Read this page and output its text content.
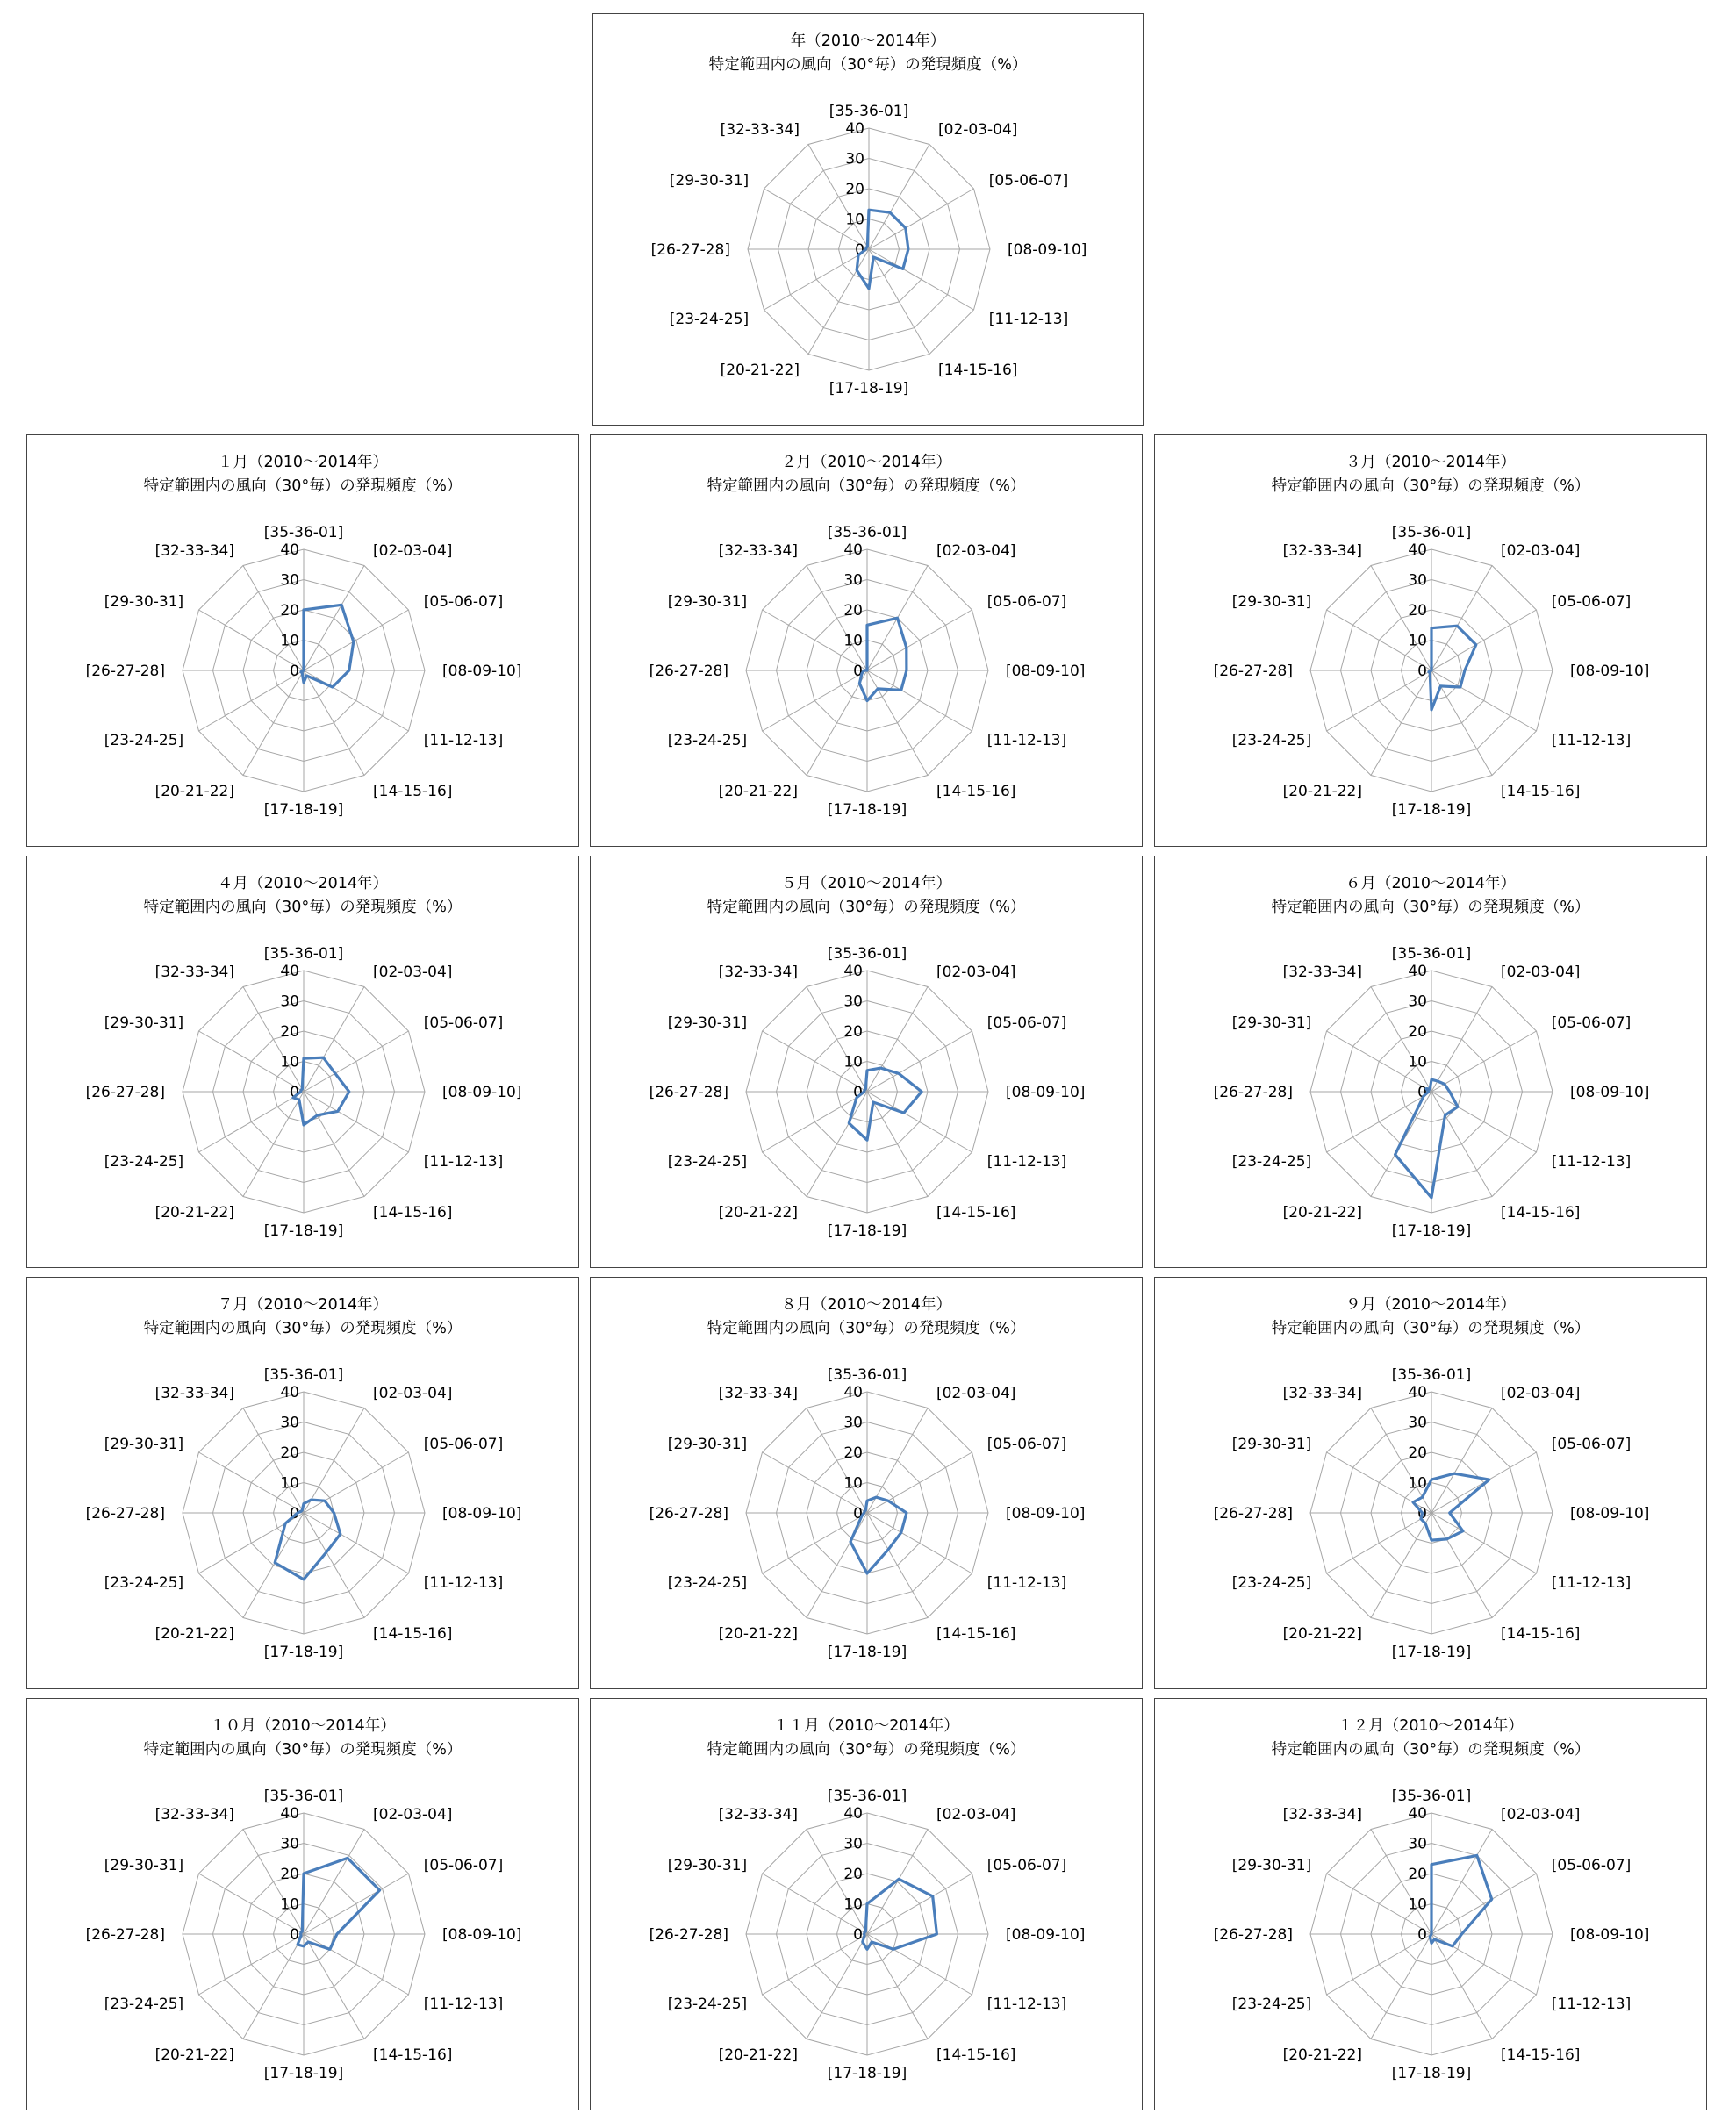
年（2010～2014年）
特定範囲内の風向（30°毎）の発現頻度（%）
0
10
20
30
40
[35-36-01]
[02-03-04]
[05-06-07]
[08-09-10]
[11-12-13]
[14-15-16]
[17-18-19]
[20-21-22]
[23-24-25]
[26-27-28]
[29-30-31]
[32-33-34]
１月（2010～2014年）
特定範囲内の風向（30°毎）の発現頻度（%）
0
10
20
30
40
[35-36-01]
[02-03-04]
[05-06-07]
[08-09-10]
[11-12-13]
[14-15-16]
[17-18-19]
[20-21-22]
[23-24-25]
[26-27-28]
[29-30-31]
[32-33-34]
２月（2010～2014年）
特定範囲内の風向（30°毎）の発現頻度（%）
0
10
20
30
40
[35-36-01]
[02-03-04]
[05-06-07]
[08-09-10]
[11-12-13]
[14-15-16]
[17-18-19]
[20-21-22]
[23-24-25]
[26-27-28]
[29-30-31]
[32-33-34]
３月（2010～2014年）
特定範囲内の風向（30°毎）の発現頻度（%）
0
10
20
30
40
[35-36-01]
[02-03-04]
[05-06-07]
[08-09-10]
[11-12-13]
[14-15-16]
[17-18-19]
[20-21-22]
[23-24-25]
[26-27-28]
[29-30-31]
[32-33-34]
４月（2010～2014年）
特定範囲内の風向（30°毎）の発現頻度（%）
0
10
20
30
40
[35-36-01]
[02-03-04]
[05-06-07]
[08-09-10]
[11-12-13]
[14-15-16]
[17-18-19]
[20-21-22]
[23-24-25]
[26-27-28]
[29-30-31]
[32-33-34]
５月（2010～2014年）
特定範囲内の風向（30°毎）の発現頻度（%）
0
10
20
30
40
[35-36-01]
[02-03-04]
[05-06-07]
[08-09-10]
[11-12-13]
[14-15-16]
[17-18-19]
[20-21-22]
[23-24-25]
[26-27-28]
[29-30-31]
[32-33-34]
６月（2010～2014年）
特定範囲内の風向（30°毎）の発現頻度（%）
0
10
20
30
40
[35-36-01]
[02-03-04]
[05-06-07]
[08-09-10]
[11-12-13]
[14-15-16]
[17-18-19]
[20-21-22]
[23-24-25]
[26-27-28]
[29-30-31]
[32-33-34]
７月（2010～2014年）
特定範囲内の風向（30°毎）の発現頻度（%）
0
10
20
30
40
[35-36-01]
[02-03-04]
[05-06-07]
[08-09-10]
[11-12-13]
[14-15-16]
[17-18-19]
[20-21-22]
[23-24-25]
[26-27-28]
[29-30-31]
[32-33-34]
８月（2010～2014年）
特定範囲内の風向（30°毎）の発現頻度（%）
0
10
20
30
40
[35-36-01]
[02-03-04]
[05-06-07]
[08-09-10]
[11-12-13]
[14-15-16]
[17-18-19]
[20-21-22]
[23-24-25]
[26-27-28]
[29-30-31]
[32-33-34]
９月（2010～2014年）
特定範囲内の風向（30°毎）の発現頻度（%）
0
10
20
30
40
[35-36-01]
[02-03-04]
[05-06-07]
[08-09-10]
[11-12-13]
[14-15-16]
[17-18-19]
[20-21-22]
[23-24-25]
[26-27-28]
[29-30-31]
[32-33-34]
１０月（2010～2014年）
特定範囲内の風向（30°毎）の発現頻度（%）
0
10
20
30
40
[35-36-01]
[02-03-04]
[05-06-07]
[08-09-10]
[11-12-13]
[14-15-16]
[17-18-19]
[20-21-22]
[23-24-25]
[26-27-28]
[29-30-31]
[32-33-34]
１１月（2010～2014年）
特定範囲内の風向（30°毎）の発現頻度（%）
0
10
20
30
40
[35-36-01]
[02-03-04]
[05-06-07]
[08-09-10]
[11-12-13]
[14-15-16]
[17-18-19]
[20-21-22]
[23-24-25]
[26-27-28]
[29-30-31]
[32-33-34]
１２月（2010～2014年）
特定範囲内の風向（30°毎）の発現頻度（%）
0
10
20
30
40
[35-36-01]
[02-03-04]
[05-06-07]
[08-09-10]
[11-12-13]
[14-15-16]
[17-18-19]
[20-21-22]
[23-24-25]
[26-27-28]
[29-30-31]
[32-33-34]
